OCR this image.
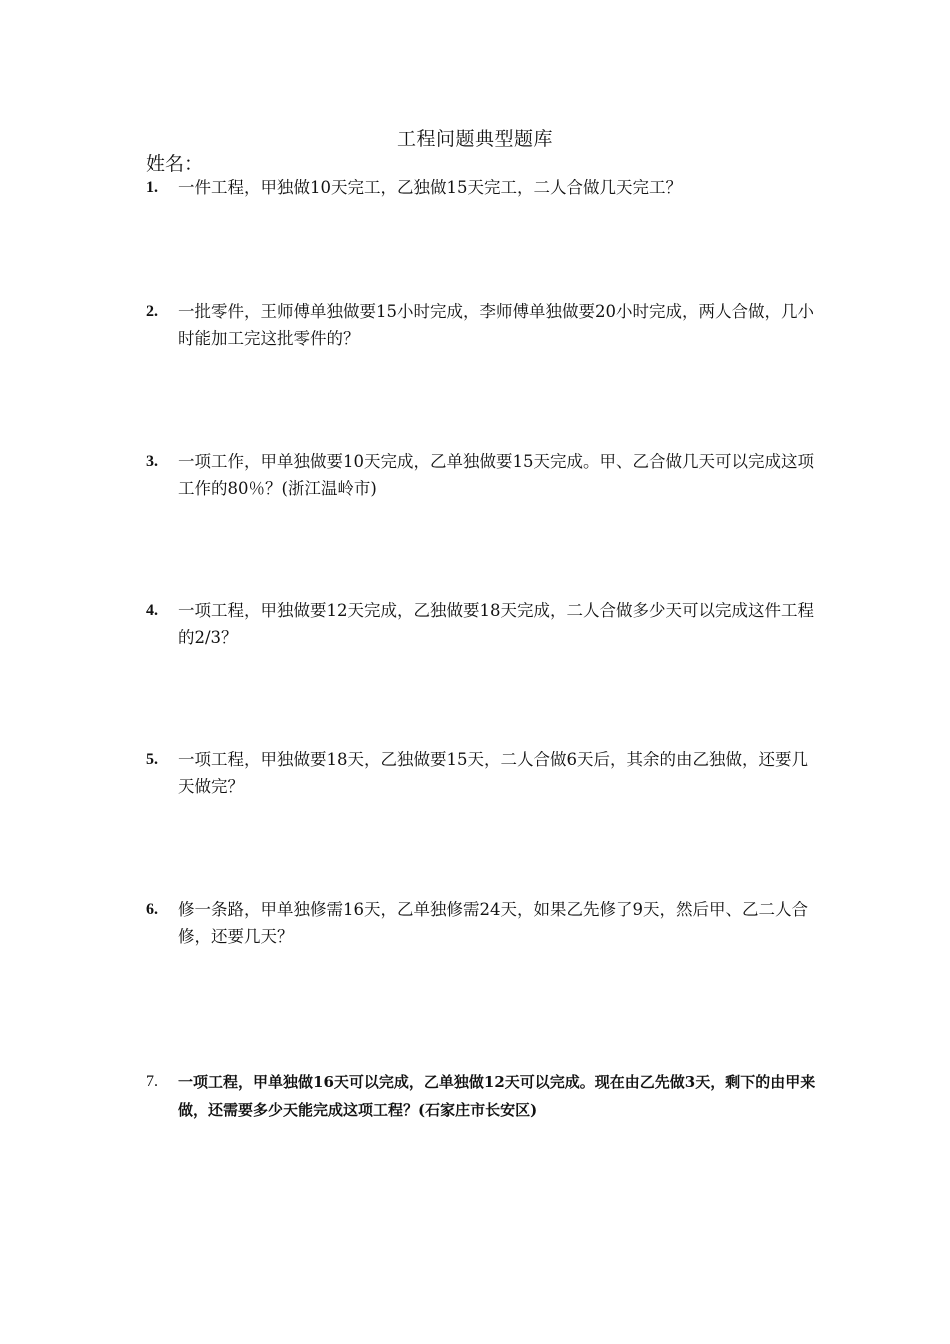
工程问题典型题库
姓名：
1. 一件工程，甲独做10天完工，乙独做15天完工，二人合做几天完工？
2. 一批零件，王师傅单独做要15小时完成，李师傅单独做要20小时完成，两人合做，几小时能加工完这批零件的？
3. 一项工作，甲单独做要10天完成，乙单独做要15天完成。甲、乙合做几天可以完成这项工作的80％？(浙江温岭市)
4. 一项工程，甲独做要12天完成，乙独做要18天完成，二人合做多少天可以完成这件工程的2/3？
5. 一项工程，甲独做要18天，乙独做要15天，二人合做6天后，其余的由乙独做，还要几天做完？
6. 修一条路，甲单独修需16天，乙单独修需24天，如果乙先修了9天，然后甲、乙二人合修，还要几天？
7. 一项工程，甲单独做16天可以完成，乙单独做12天可以完成。现在由乙先做3天，剩下的由甲来做，还需要多少天能完成这项工程？(石家庄市长安区)
